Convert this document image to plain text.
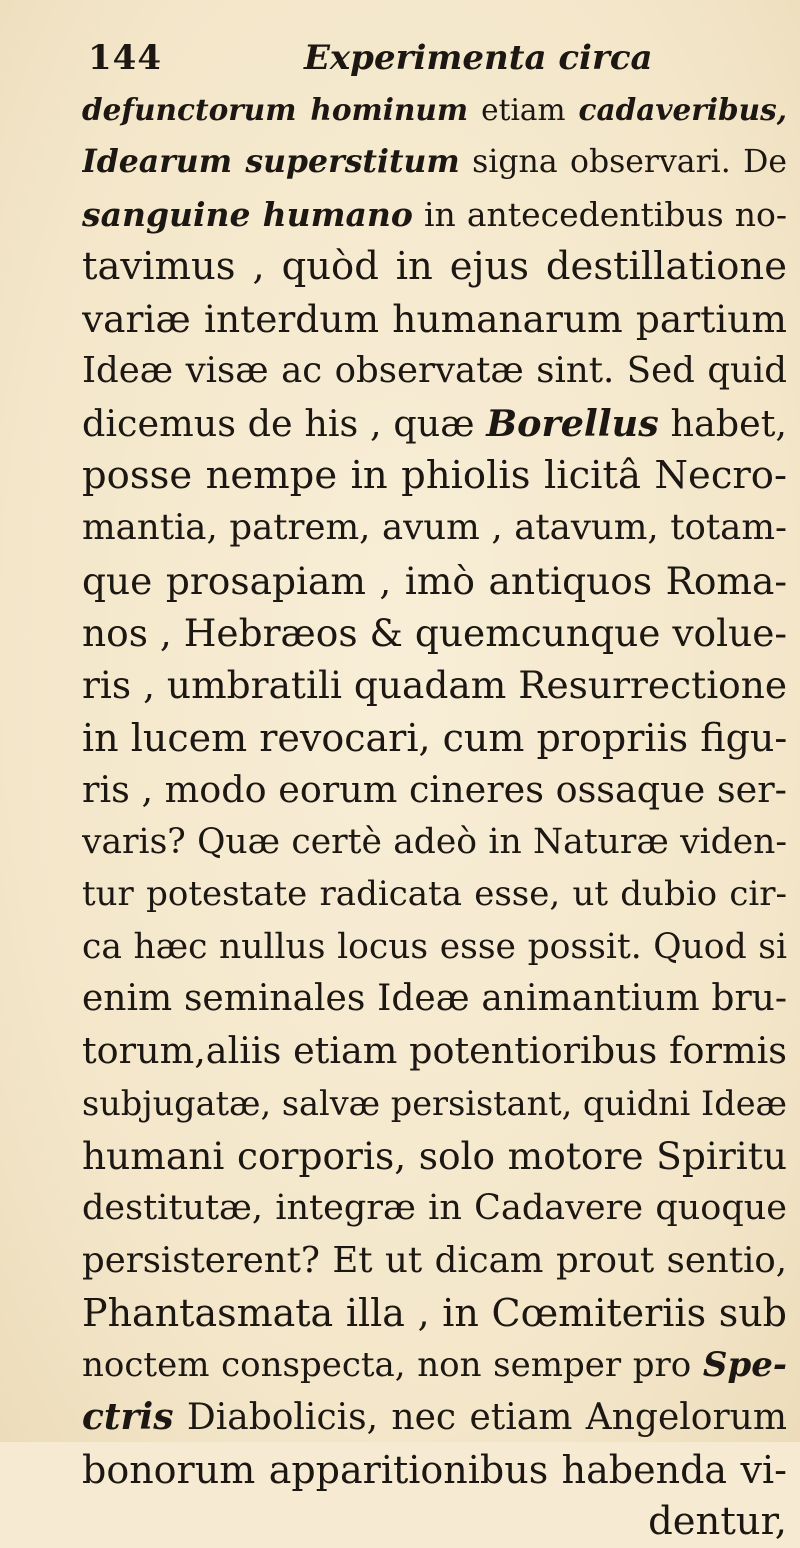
144	Experimenta circa
defunctorum hominum etiam cadaveribus,
Idearum superstitum signa observari. De
sanguine humano in antecedentibus no-
tavimus , quòd in ejus destillatione
variæ interdum humanarum partium
Ideæ visæ ac observatæ sint. Sed quid
dicemus de his , quæ Borellus habet,
posse nempe in phiolis licitâ Necro-
mantia, patrem, avum , atavum, totam-
que prosapiam , imò antiquos Roma-
nos , Hebræos & quemcunque volue-
ris , umbratili quadam Resurrectione
in lucem revocari, cum propriis figu-
ris , modo eorum cineres ossaque ser-
varis? Quæ certè adeò in Naturæ viden-
tur potestate radicata esse, ut dubio cir-
ca hæc nullus locus esse possit. Quod si
enim seminales Ideæ animantium bru-
torum,aliis etiam potentioribus formis
subjugatæ, salvæ persistant, quidni Ideæ
humani corporis, solo motore Spiritu
destitutæ, integræ in Cadavere quoque
persisterent? Et ut dicam prout sentio,
Phantasmata illa , in Cœmiteriis sub
noctem conspecta, non semper pro Spe-
ctris Diabolicis, nec etiam Angelorum
bonorum apparitionibus habenda vi-
dentur,
